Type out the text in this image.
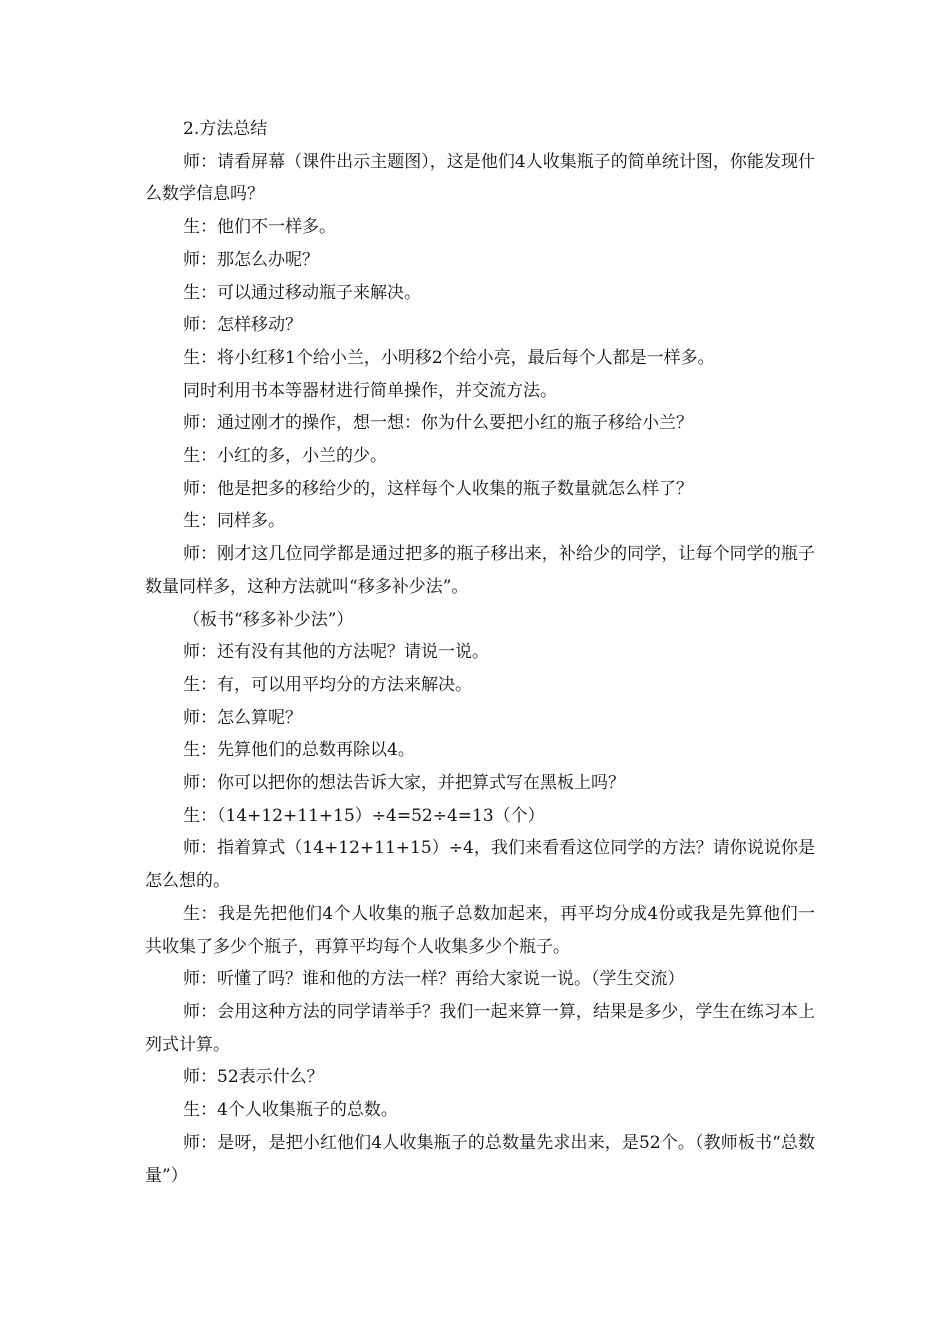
2.方法总结

师：请看屏幕（课件出示主题图），这是他们4人收集瓶子的简单统计图，你能发现什么数学信息吗？

生：他们不一样多。

师：那怎么办呢？

生：可以通过移动瓶子来解决。

师：怎样移动？

生：将小红移1个给小兰，小明移2个给小亮，最后每个人都是一样多。

同时利用书本等器材进行简单操作，并交流方法。

师：通过刚才的操作，想一想：你为什么要把小红的瓶子移给小兰？

生：小红的多，小兰的少。

师：他是把多的移给少的，这样每个人收集的瓶子数量就怎么样了？

生：同样多。

师：刚才这几位同学都是通过把多的瓶子移出来，补给少的同学，让每个同学的瓶子数量同样多，这种方法就叫“移多补少法”。

（板书“移多补少法”）

师：还有没有其他的方法呢？请说一说。

生：有，可以用平均分的方法来解决。

师：怎么算呢？

生：先算他们的总数再除以4。

师：你可以把你的想法告诉大家，并把算式写在黑板上吗？

生：（14+12+11+15）÷4=52÷4=13（个）

师：指着算式（14+12+11+15）÷4，我们来看看这位同学的方法？请你说说你是怎么想的。

生：我是先把他们4个人收集的瓶子总数加起来，再平均分成4份或我是先算他们一共收集了多少个瓶子，再算平均每个人收集多少个瓶子。

师：听懂了吗？谁和他的方法一样？再给大家说一说。（学生交流）

师：会用这种方法的同学请举手？我们一起来算一算，结果是多少，学生在练习本上列式计算。

师：52表示什么？

生：4个人收集瓶子的总数。

师：是呀，是把小红他们4人收集瓶子的总数量先求出来，是52个。（教师板书“总数量”）
